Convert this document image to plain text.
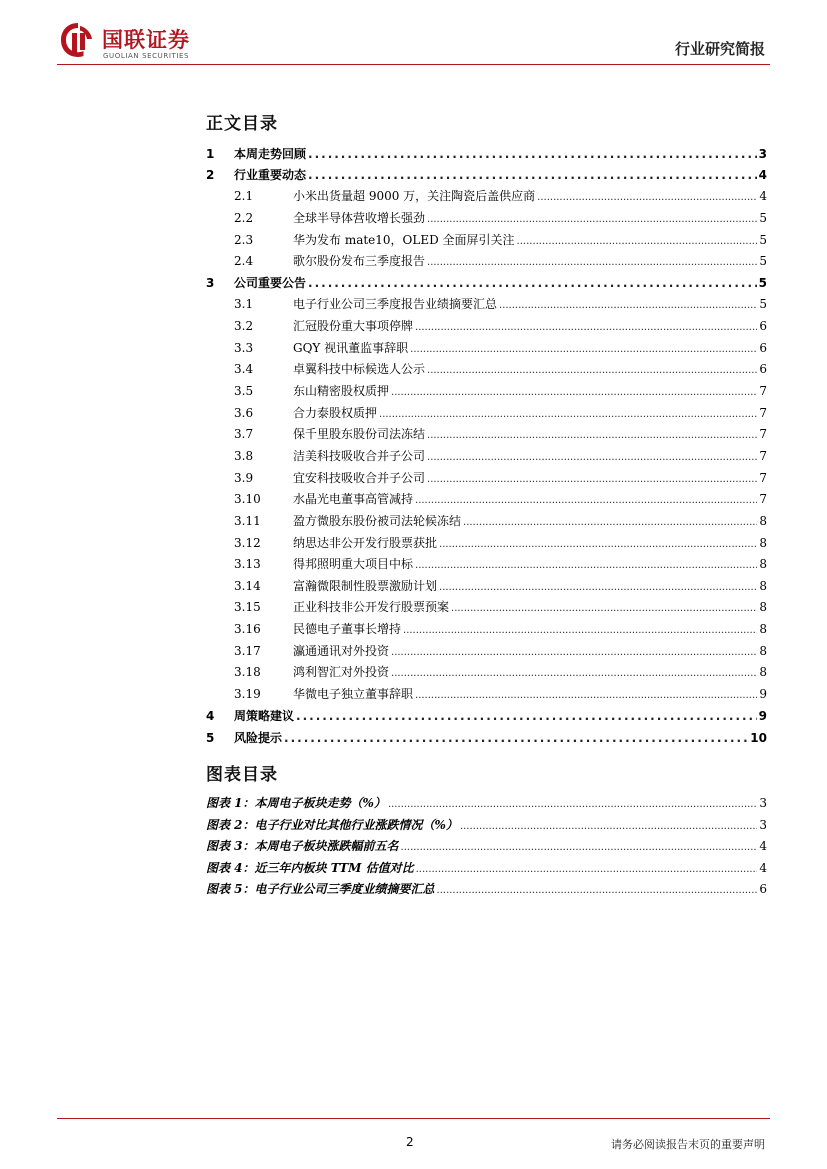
国联证券
GUOLIAN SECURITIES	行业研究简报
正文目录
1	本周走势回顾 .....	3
2	行业重要动态 .....	4
2.1	小米出货量超 9000 万，关注陶瓷后盖供应商 .....	4
2.2	全球半导体营收增长强劲 .....	5
2.3	华为发布 mate10，OLED 全面屏引关注 .....	5
2.4	歌尔股份发布三季度报告 .....	5
3	公司重要公告 .....	5
3.1	电子行业公司三季度报告业绩摘要汇总 .....	5
3.2	汇冠股份重大事项停牌 .....	6
3.3	GQY 视讯董监事辞职 .....	6
3.4	卓翼科技中标候选人公示 .....	6
3.5	东山精密股权质押 .....	7
3.6	合力泰股权质押 .....	7
3.7	保千里股东股份司法冻结 .....	7
3.8	洁美科技吸收合并子公司 .....	7
3.9	宜安科技吸收合并子公司 .....	7
3.10	水晶光电董事高管减持 .....	7
3.11	盈方微股东股份被司法轮候冻结 .....	8
3.12	纳思达非公开发行股票获批 .....	8
3.13	得邦照明重大项目中标 .....	8
3.14	富瀚微限制性股票激励计划 .....	8
3.15	正业科技非公开发行股票预案 .....	8
3.16	民德电子董事长增持 .....	8
3.17	瀛通通讯对外投资 .....	8
3.18	鸿利智汇对外投资 .....	8
3.19	华微电子独立董事辞职 .....	9
4	周策略建议 .....	9
5	风险提示 .....	10
图表目录
图表 1：本周电子板块走势（%） .....	3
图表 2：电子行业对比其他行业涨跌情况（%） .....	3
图表 3：本周电子板块涨跌幅前五名 .....	4
图表 4：近三年内板块 TTM 估值对比 .....	4
图表 5：电子行业公司三季度业绩摘要汇总 .....	6
2	请务必阅读报告末页的重要声明
